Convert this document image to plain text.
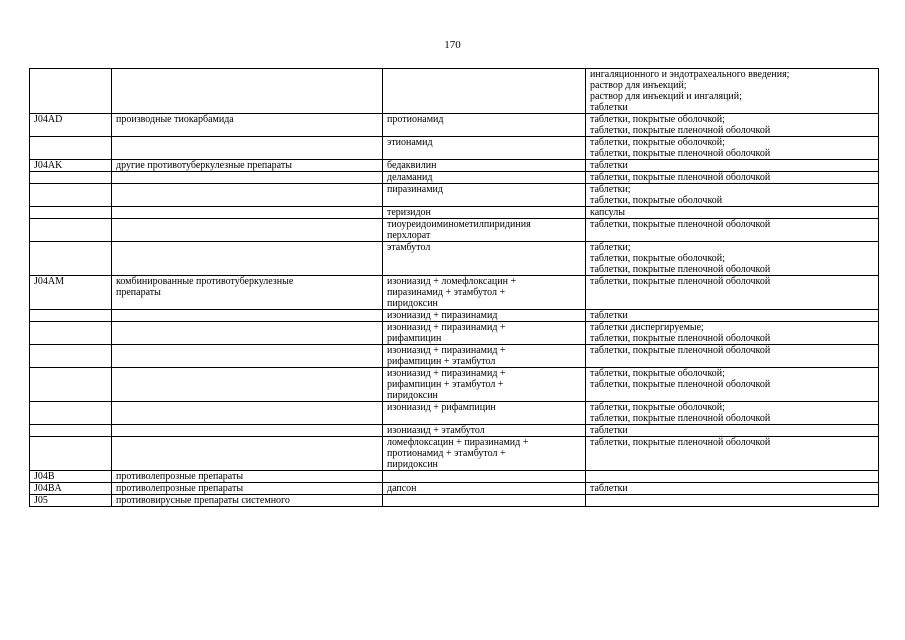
170
			ингаляционного и эндотрахеального введения;
раствор для инъекций;
раствор для инъекций и ингаляций;
таблетки
J04AD	производные тиокарбамида	протионамид	таблетки, покрытые оболочкой;
таблетки, покрытые пленочной оболочкой
		этионамид	таблетки, покрытые оболочкой;
таблетки, покрытые пленочной оболочкой
J04AK	другие противотуберкулезные препараты	бедаквилин	таблетки
		деламанид	таблетки, покрытые пленочной оболочкой
		пиразинамид	таблетки;
таблетки, покрытые оболочкой
		теризидон	капсулы
		тиоуреидоиминометилпиридиния
перхлорат	таблетки, покрытые пленочной оболочкой
		этамбутол	таблетки;
таблетки, покрытые оболочкой;
таблетки, покрытые пленочной оболочкой
J04AM	комбинированные противотуберкулезные
препараты	изониазид + ломефлоксацин +
пиразинамид + этамбутол +
пиридоксин	таблетки, покрытые пленочной оболочкой
		изониазид + пиразинамид	таблетки
		изониазид + пиразинамид +
рифампицин	таблетки диспергируемые;
таблетки, покрытые пленочной оболочкой
		изониазид + пиразинамид +
рифампицин + этамбутол	таблетки, покрытые пленочной оболочкой
		изониазид + пиразинамид +
рифампицин + этамбутол +
пиридоксин	таблетки, покрытые оболочкой;
таблетки, покрытые пленочной оболочкой
		изониазид + рифампицин	таблетки, покрытые оболочкой;
таблетки, покрытые пленочной оболочкой
		изониазид + этамбутол	таблетки
		ломефлоксацин + пиразинамид +
протионамид + этамбутол +
пиридоксин	таблетки, покрытые пленочной оболочкой
J04B	противолепрозные препараты		
J04BA	противолепрозные препараты	дапсон	таблетки
J05	противовирусные препараты системного		
